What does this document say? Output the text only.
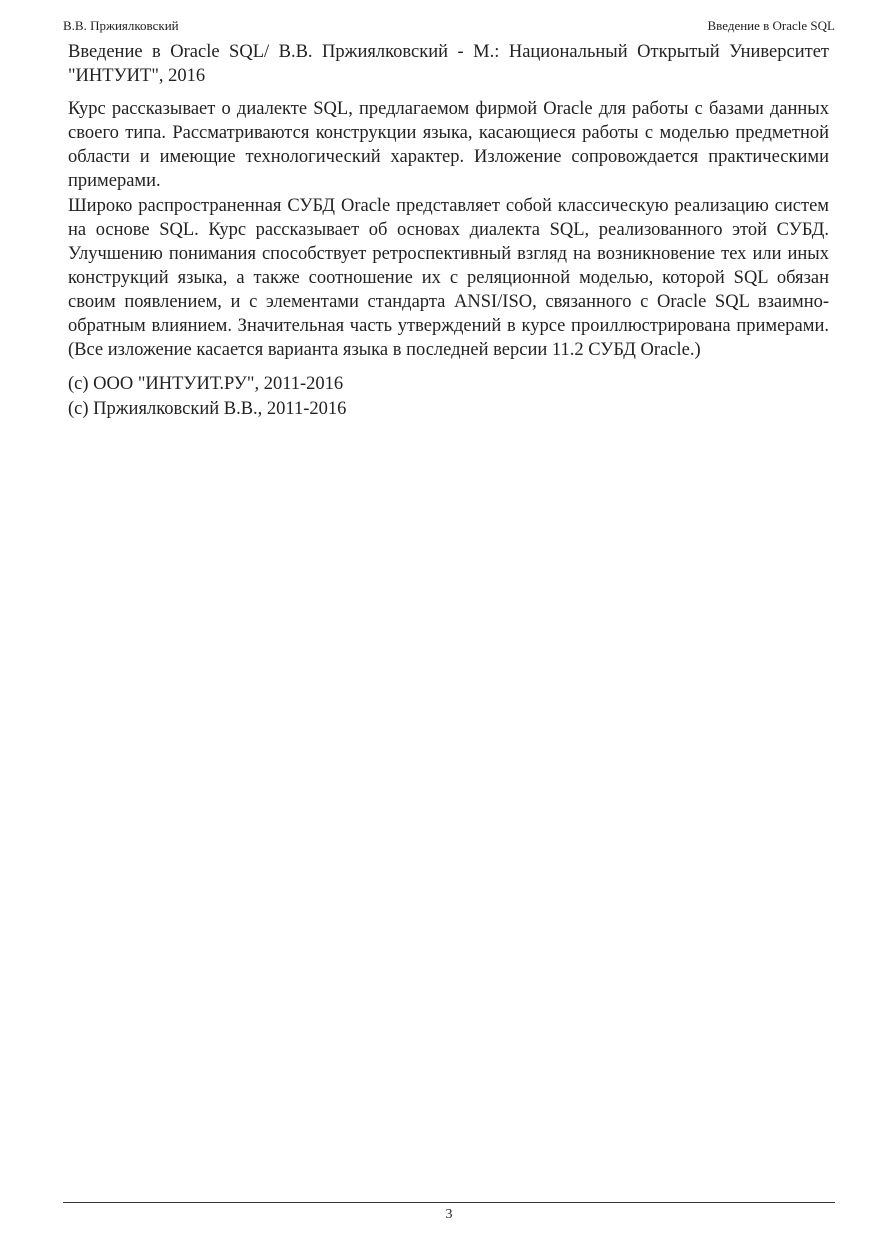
В.В. Пржиялковский	Введение в Oracle SQL

Введение в Oracle SQL/ В.В. Пржиялковский - М.: Национальный Открытый Университет "ИНТУИТ", 2016

Курс рассказывает о диалекте SQL, предлагаемом фирмой Oracle для работы с базами данных своего типа. Рассматриваются конструкции языка, касающиеся работы с моделью предметной области и имеющие технологический характер. Изложение сопровождается практическими примерами.

Широко распространенная СУБД Oracle представляет собой классическую реализацию систем на основе SQL. Курс рассказывает об основах диалекта SQL, реализованного этой СУБД. Улучшению понимания способствует ретроспективный взгляд на возникновение тех или иных конструкций языка, а также соотношение их с реляционной моделью, которой SQL обязан своим появлением, и с элементами стандарта ANSI/ISO, связанного с Oracle SQL взаимно-обратным влиянием. Значительная часть утверждений в курсе проиллюстрирована примерами. (Все изложение касается варианта языка в последней версии 11.2 СУБД Oracle.)

(c) ООО "ИНТУИТ.РУ", 2011-2016

(c) Пржиялковский В.В., 2011-2016

3
